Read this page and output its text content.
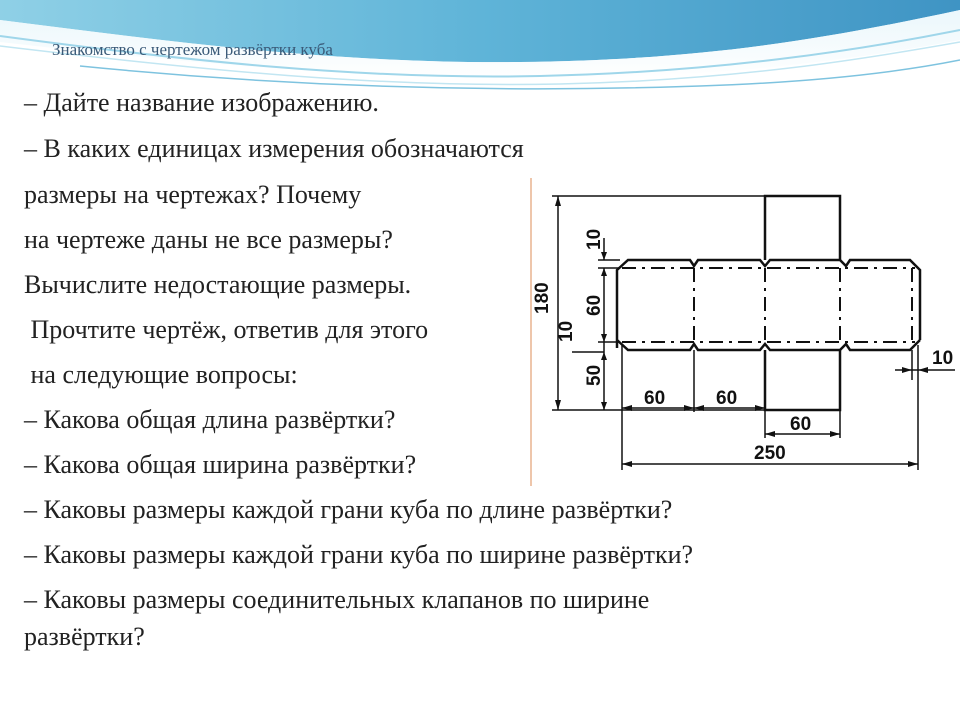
Знакомство с чертежом развёртки куба
– Дайте название изображению.
– В каких единицах измерения обозначаются
размеры на чертежах? Почему
на чертеже даны не все размеры?
Вычислите недостающие размеры.
Прочтите чертёж, ответив для этого
на следующие вопросы:
– Какова общая длина развёртки?
– Какова общая ширина развёртки?
– Каковы размеры каждой грани куба по длине развёртки?
– Каковы размеры каждой грани куба по ширине развёртки?
– Каковы размеры соединительных клапанов по ширине
развёртки?
180
10
60
10
50
60	60
60
250
10
